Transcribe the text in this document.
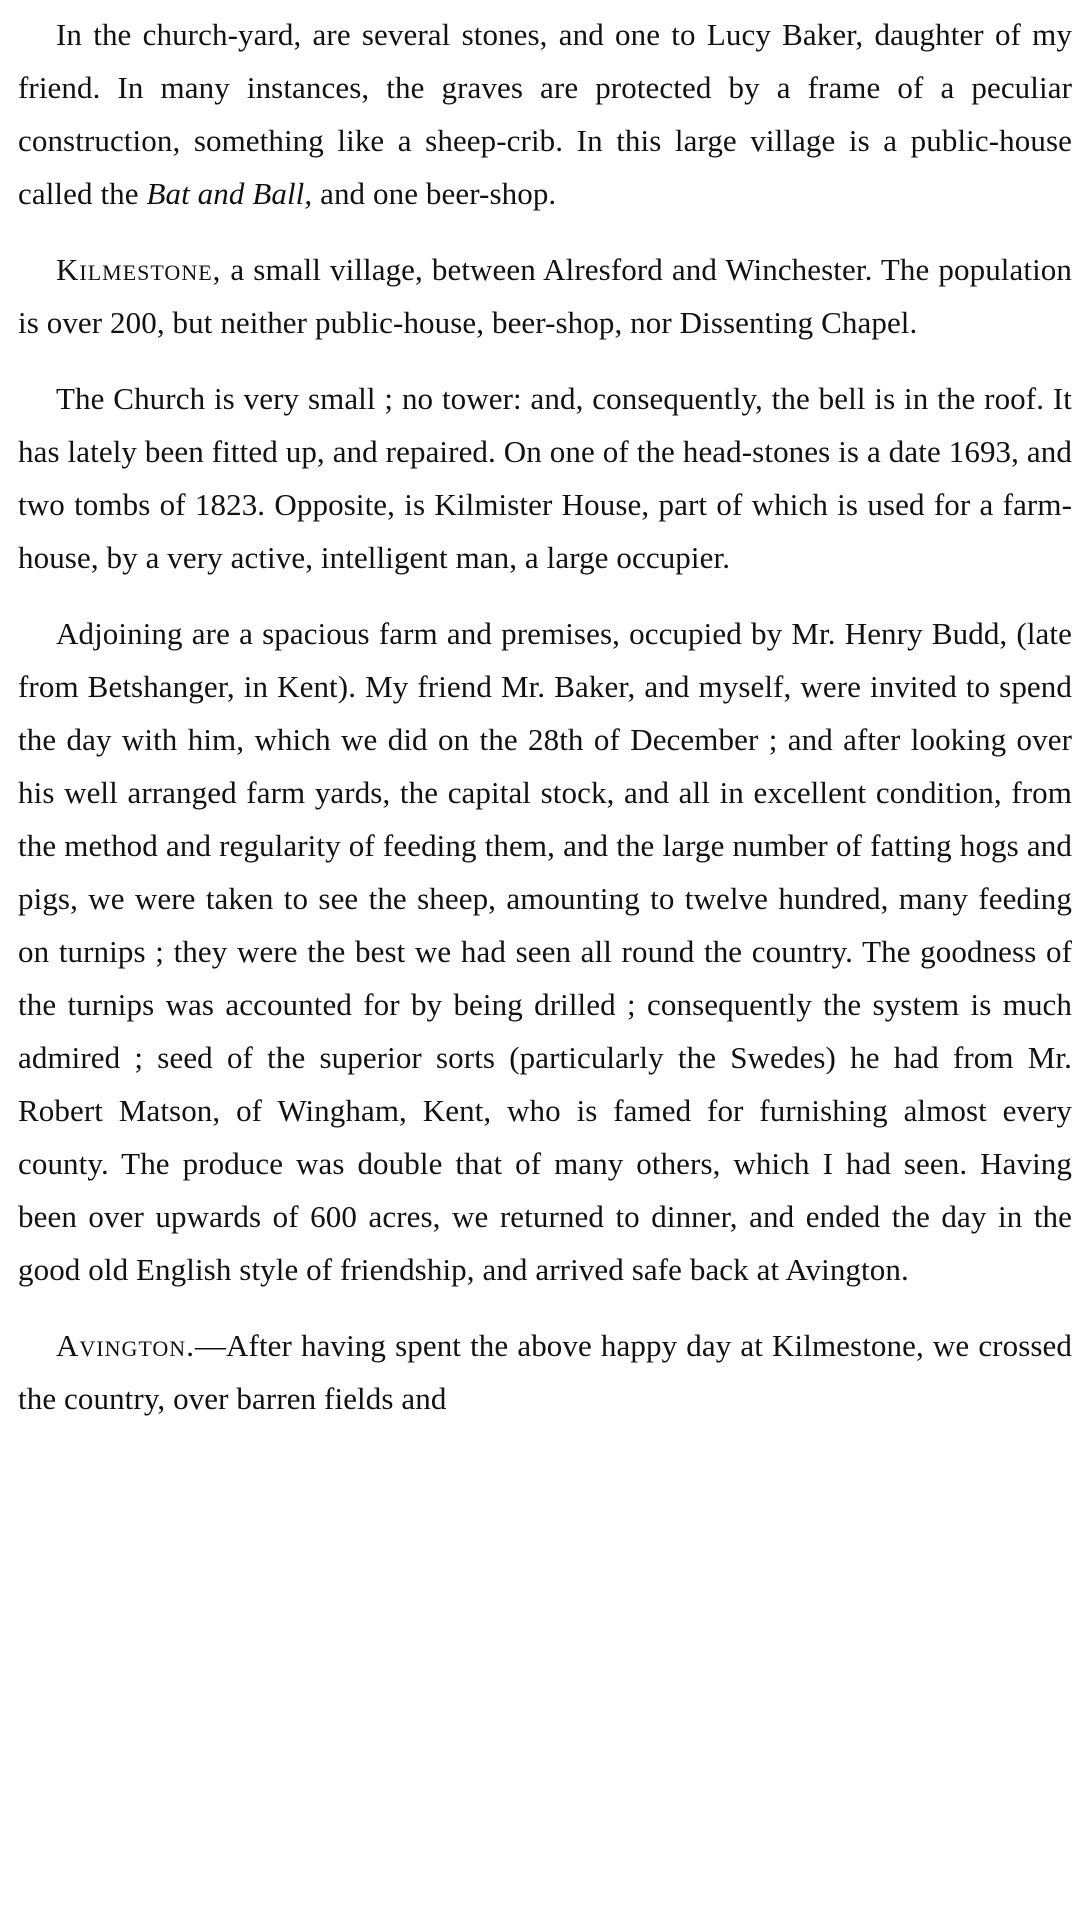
In the church-yard, are several stones, and one to Lucy Baker, daughter of my friend. In many instances, the graves are protected by a frame of a peculiar construction, something like a sheep-crib. In this large village is a public-house called the Bat and Ball, and one beer-shop.

Kilmestone, a small village, between Alresford and Winchester. The population is over 200, but neither public-house, beer-shop, nor Dissenting Chapel.

The Church is very small ; no tower: and, consequently, the bell is in the roof. It has lately been fitted up, and repaired. On one of the head-stones is a date 1693, and two tombs of 1823. Opposite, is Kilmister House, part of which is used for a farm-house, by a very active, intelligent man, a large occupier.

Adjoining are a spacious farm and premises, occupied by Mr. Henry Budd, (late from Betshanger, in Kent). My friend Mr. Baker, and myself, were invited to spend the day with him, which we did on the 28th of December ; and after looking over his well arranged farm yards, the capital stock, and all in excellent condition, from the method and regularity of feeding them, and the large number of fatting hogs and pigs, we were taken to see the sheep, amounting to twelve hundred, many feeding on turnips ; they were the best we had seen all round the country. The goodness of the turnips was accounted for by being drilled ; consequently the system is much admired ; seed of the superior sorts (particularly the Swedes) he had from Mr. Robert Matson, of Wingham, Kent, who is famed for furnishing almost every county. The produce was double that of many others, which I had seen. Having been over upwards of 600 acres, we returned to dinner, and ended the day in the good old English style of friendship, and arrived safe back at Avington.

Avington.—After having spent the above happy day at Kilmestone, we crossed the country, over barren fields and
